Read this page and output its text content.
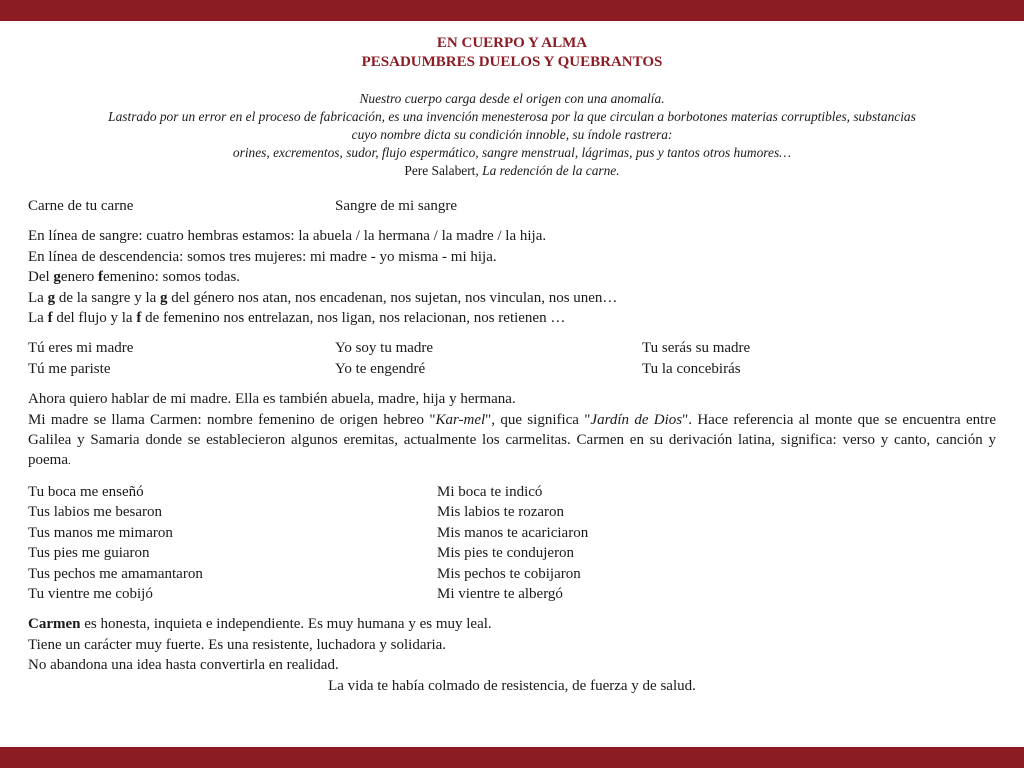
EN CUERPO Y ALMA
PESADUMBRES DUELOS Y QUEBRANTOS
Nuestro cuerpo carga desde el origen con una anomalía.
Lastrado por un error en el proceso de fabricación, es una invención menesterosa por la que circulan a borbotones materias corruptibles, substancias
cuyo nombre dicta su condición innoble, su índole rastrera:
orines, excrementos, sudor, flujo espermático, sangre menstrual, lágrimas, pus y tantos otros humores…
Pere Salabert, La redención de la carne.
Carne de tu carne	Sangre de mi sangre
En línea de sangre: cuatro hembras estamos: la abuela / la hermana / la madre / la hija.
En línea de descendencia: somos tres mujeres: mi madre - yo misma - mi hija.
Del genero femenino: somos todas.
La g de la sangre y la g del género nos atan, nos encadenan, nos sujetan, nos vinculan, nos unen…
La f del flujo y la f de femenino nos entrelazan, nos ligan, nos relacionan, nos retienen …
Tú eres mi madre	Yo soy tu madre	Tu serás su madre
Tú me pariste	Yo te engendré	Tu la concebirás
Ahora quiero hablar de mi madre. Ella es también abuela, madre, hija y hermana.
Mi madre se llama Carmen: nombre femenino de origen hebreo "Kar-mel", que significa "Jardín de Dios". Hace referencia al monte que se encuentra entre Galilea y Samaria donde se establecieron algunos eremitas, actualmente los carmelitas. Carmen en su derivación latina, significa: verso y canto, canción y poema.
Tu boca me enseñó	Mi boca te indicó
Tus labios me besaron	Mis labios te rozaron
Tus manos me mimaron	Mis manos te acariciaron
Tus pies me guiaron	Mis pies te condujeron
Tus pechos me amamantaron	Mis pechos te cobijaron
Tu vientre me cobijó	Mi vientre te albergó
Carmen es honesta, inquieta e independiente. Es muy humana y es muy leal.
Tiene un carácter muy fuerte. Es una resistente, luchadora y solidaria.
No abandona una idea hasta convertirla en realidad.
La vida te había colmado de resistencia, de fuerza y de salud.
